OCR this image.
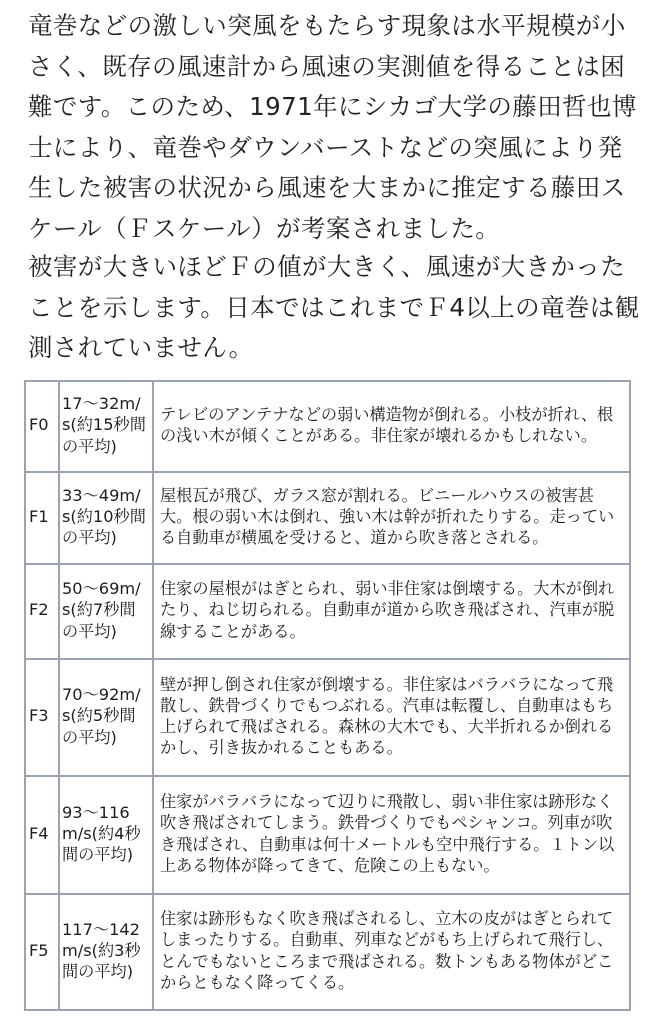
竜巻などの激しい突風をもたらす現象は水平規模が小さく、既存の風速計から風速の実測値を得ることは困難です。このため、1971年にシカゴ大学の藤田哲也博士により、竜巻やダウンバーストなどの突風により発生した被害の状況から風速を大まかに推定する藤田スケール（Ｆスケール）が考案されました。

被害が大きいほどＦの値が大きく、風速が大きかったことを示します。日本ではこれまでＦ4以上の竜巻は観測されていません。

F0	17〜32m/s(約15秒間の平均)	テレビのアンテナなどの弱い構造物が倒れる。小枝が折れ、根の浅い木が傾くことがある。非住家が壊れるかもしれない。
F1	33〜49m/s(約10秒間の平均)	屋根瓦が飛び、ガラス窓が割れる。ビニールハウスの被害甚大。根の弱い木は倒れ、強い木は幹が折れたりする。走っている自動車が横風を受けると、道から吹き落とされる。
F2	50〜69m/s(約7秒間の平均)	住家の屋根がはぎとられ、弱い非住家は倒壊する。大木が倒れたり、ねじ切られる。自動車が道から吹き飛ばされ、汽車が脱線することがある。
F3	70〜92m/s(約5秒間の平均)	壁が押し倒され住家が倒壊する。非住家はバラバラになって飛散し、鉄骨づくりでもつぶれる。汽車は転覆し、自動車はもち上げられて飛ばされる。森林の大木でも、大半折れるか倒れるかし、引き抜かれることもある。
F4	93〜116m/s(約4秒間の平均)	住家がバラバラになって辺りに飛散し、弱い非住家は跡形なく吹き飛ばされてしまう。鉄骨づくりでもペシャンコ。列車が吹き飛ばされ、自動車は何十メートルも空中飛行する。１トン以上ある物体が降ってきて、危険この上もない。
F5	117〜142m/s(約3秒間の平均)	住家は跡形もなく吹き飛ばされるし、立木の皮がはぎとられてしまったりする。自動車、列車などがもち上げられて飛行し、とんでもないところまで飛ばされる。数トンもある物体がどこからともなく降ってくる。
